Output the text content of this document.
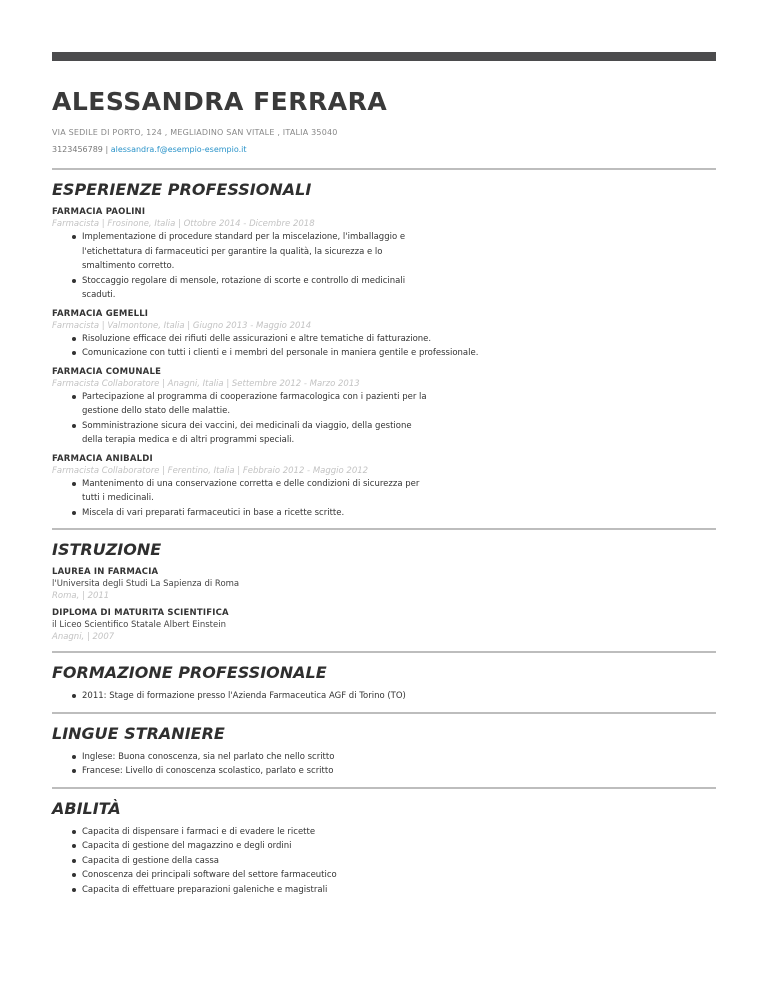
ALESSANDRA FERRARA
VIA SEDILE DI PORTO, 124 , MEGLIADINO SAN VITALE , ITALIA 35040
3123456789 | alessandra.f@esempio-esempio.it
ESPERIENZE PROFESSIONALI
FARMACIA PAOLINI
Farmacista | Frosinone, Italia | Ottobre 2014 - Dicembre 2018
Implementazione di procedure standard per la miscelazione, l'imballaggio e l'etichettatura di farmaceutici per garantire la qualità, la sicurezza e lo smaltimento corretto.
Stoccaggio regolare di mensole, rotazione di scorte e controllo di medicinali scaduti.
FARMACIA GEMELLI
Farmacista | Valmontone, Italia | Giugno 2013 - Maggio 2014
Risoluzione efficace dei rifiuti delle assicurazioni e altre tematiche di fatturazione.
Comunicazione con tutti i clienti e i membri del personale in maniera gentile e professionale.
FARMACIA COMUNALE
Farmacista Collaboratore | Anagni, Italia | Settembre 2012 - Marzo 2013
Partecipazione al programma di cooperazione farmacologica con i pazienti per la gestione dello stato delle malattie.
Somministrazione sicura dei vaccini, dei medicinali da viaggio, della gestione della terapia medica e di altri programmi speciali.
FARMACIA ANIBALDI
Farmacista Collaboratore | Ferentino, Italia | Febbraio 2012 - Maggio 2012
Mantenimento di una conservazione corretta e delle condizioni di sicurezza per tutti i medicinali.
Miscela di vari preparati farmaceutici in base a ricette scritte.
ISTRUZIONE
LAUREA IN FARMACIA
l'Universita degli Studi La Sapienza di Roma
Roma, | 2011
DIPLOMA DI MATURITA SCIENTIFICA
il Liceo Scientifico Statale Albert Einstein
Anagni, | 2007
FORMAZIONE PROFESSIONALE
2011: Stage di formazione presso l'Azienda Farmaceutica AGF di Torino (TO)
LINGUE STRANIERE
Inglese: Buona conoscenza, sia nel parlato che nello scritto
Francese: Livello di conoscenza scolastico, parlato e scritto
ABILITÀ
Capacita di dispensare i farmaci e di evadere le ricette
Capacita di gestione del magazzino e degli ordini
Capacita di gestione della cassa
Conoscenza dei principali software del settore farmaceutico
Capacita di effettuare preparazioni galeniche e magistrali
